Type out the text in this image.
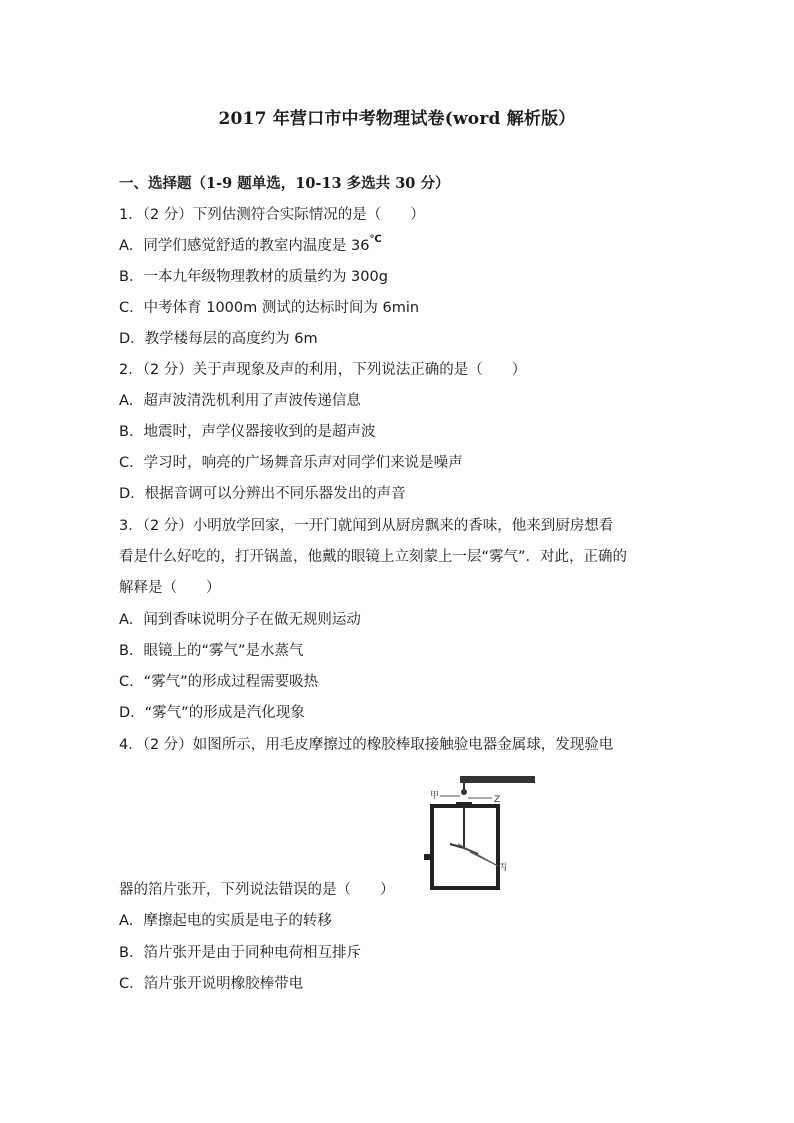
2017 年营口市中考物理试卷(word 解析版）
一、选择题（1-9 题单选，10-13 多选共 30 分）
1．（2 分）下列估测符合实际情况的是（　　）
A．同学们感觉舒适的教室内温度是 36℃
B．一本九年级物理教材的质量约为 300g
C．中考体育 1000m 测试的达标时间为 6min
D．教学楼每层的高度约为 6m
2．（2 分）关于声现象及声的利用，下列说法正确的是（　　）
A．超声波清洗机利用了声波传递信息
B．地震时，声学仪器接收到的是超声波
C．学习时，响亮的广场舞音乐声对同学们来说是噪声
D．根据音调可以分辨出不同乐器发出的声音
3．（2 分）小明放学回家，一开门就闻到从厨房飘来的香味，他来到厨房想看
看是什么好吃的，打开锅盖，他戴的眼镜上立刻蒙上一层“雾气”．对此，正确的
解释是（　　）
A．闻到香味说明分子在做无规则运动
B．眼镜上的“雾气”是水蒸气
C．“雾气”的形成过程需要吸热
D．“雾气”的形成是汽化现象
4．（2 分）如图所示，用毛皮摩擦过的橡胶棒取接触验电器金属球，发现验电
甲	Z
丙
器的箔片张开，下列说法错误的是（　　）
A．摩擦起电的实质是电子的转移
B．箔片张开是由于同种电荷相互排斥
C．箔片张开说明橡胶棒带电
